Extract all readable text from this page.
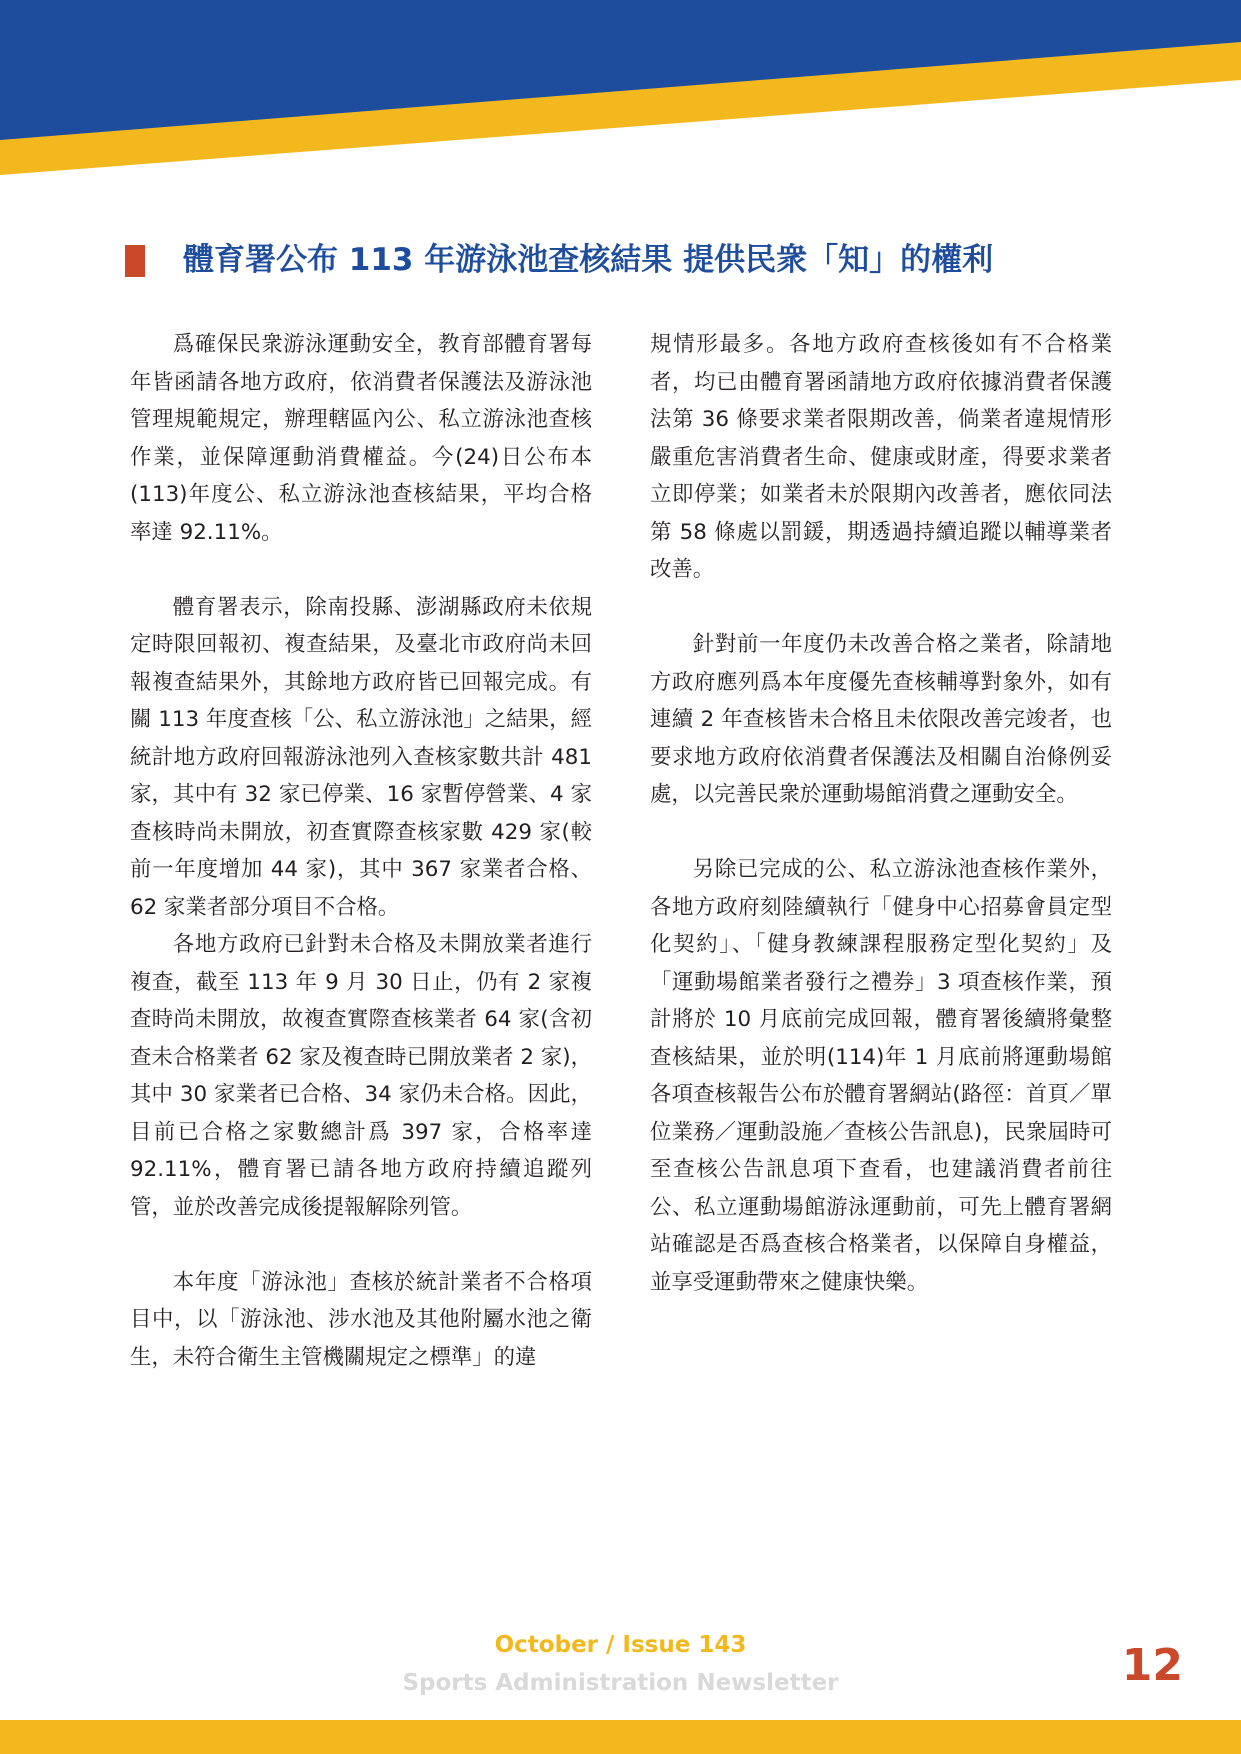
體育署公布 113 年游泳池查核結果 提供民衆「知」的權利

爲確保民衆游泳運動安全，教育部體育署每年皆函請各地方政府，依消費者保護法及游泳池管理規範規定，辦理轄區內公、私立游泳池查核作業，並保障運動消費權益。今(24)日公布本(113)年度公、私立游泳池查核結果，平均合格率達 92.11%。

體育署表示，除南投縣、澎湖縣政府未依規定時限回報初、複查結果，及臺北市政府尚未回報複查結果外，其餘地方政府皆已回報完成。有關 113 年度查核「公、私立游泳池」之結果，經統計地方政府回報游泳池列入查核家數共計 481 家，其中有 32 家已停業、16 家暫停營業、4 家查核時尚未開放，初查實際查核家數 429 家(較前一年度增加 44 家)，其中 367 家業者合格、62 家業者部分項目不合格。

各地方政府已針對未合格及未開放業者進行複查，截至 113 年 9 月 30 日止，仍有 2 家複查時尚未開放，故複查實際查核業者 64 家(含初查未合格業者 62 家及複查時已開放業者 2 家)，其中 30 家業者已合格、34 家仍未合格。因此，目前已合格之家數總計爲 397 家，合格率達 92.11%，體育署已請各地方政府持續追蹤列管，並於改善完成後提報解除列管。

本年度「游泳池」查核於統計業者不合格項目中，以「游泳池、涉水池及其他附屬水池之衛生，未符合衛生主管機關規定之標準」的違

規情形最多。各地方政府查核後如有不合格業者，均已由體育署函請地方政府依據消費者保護法第 36 條要求業者限期改善，倘業者違規情形嚴重危害消費者生命、健康或財產，得要求業者立即停業；如業者未於限期內改善者，應依同法第 58 條處以罰鍰，期透過持續追蹤以輔導業者改善。

針對前一年度仍未改善合格之業者，除請地方政府應列爲本年度優先查核輔導對象外，如有連續 2 年查核皆未合格且未依限改善完竣者，也要求地方政府依消費者保護法及相關自治條例妥處，以完善民衆於運動場館消費之運動安全。

另除已完成的公、私立游泳池查核作業外，各地方政府刻陸續執行「健身中心招募會員定型化契約」、「健身教練課程服務定型化契約」及「運動場館業者發行之禮券」3 項查核作業，預計將於 10 月底前完成回報，體育署後續將彙整查核結果，並於明(114)年 1 月底前將運動場館各項查核報告公布於體育署網站(路徑：首頁／單位業務／運動設施／查核公告訊息)，民衆屆時可至查核公告訊息項下查看，也建議消費者前往公、私立運動場館游泳運動前，可先上體育署網站確認是否爲查核合格業者，以保障自身權益，並享受運動帶來之健康快樂。

October / Issue 143
Sports Administration Newsletter	12
